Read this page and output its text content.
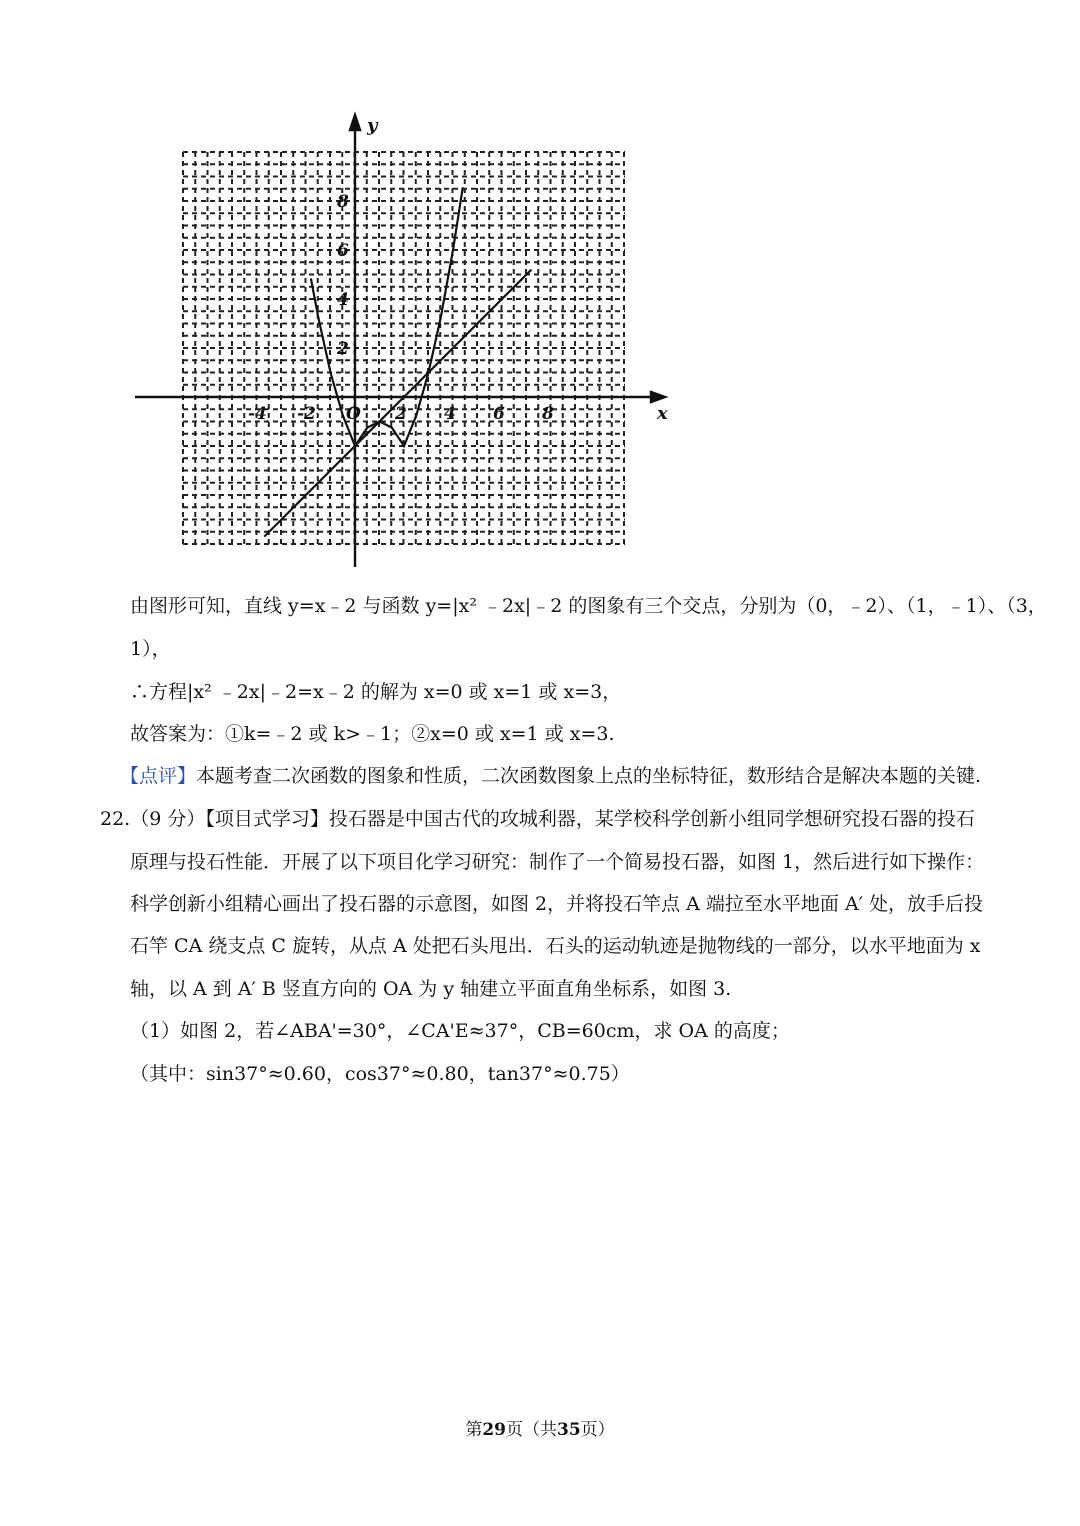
-4 -2 O 2 4 6 8
8
6
4
2
x
y

由图形可知，直线 y=x﹣2 与函数 y=|x² ﹣2x|﹣2 的图象有三个交点，分别为（0，﹣2）、（1，﹣1）、（3，

1），

∴方程|x² ﹣2x|﹣2=x﹣2 的解为 x=0 或 x=1 或 x=3，

故答案为：①k=﹣2 或 k>﹣1；②x=0 或 x=1 或 x=3.

【点评】本题考查二次函数的图象和性质，二次函数图象上点的坐标特征，数形结合是解决本题的关键.

22.（9 分）【项目式学习】投石器是中国古代的攻城利器，某学校科学创新小组同学想研究投石器的投石

原理与投石性能．开展了以下项目化学习研究：制作了一个简易投石器，如图 1，然后进行如下操作：

科学创新小组精心画出了投石器的示意图，如图 2，并将投石竿点 A 端拉至水平地面 A′ 处，放手后投

石竿 CA 绕支点 C 旋转，从点 A 处把石头甩出．石头的运动轨迹是抛物线的一部分，以水平地面为 x

轴，以 A 到 A′ B 竖直方向的 OA 为 y 轴建立平面直角坐标系，如图 3.

（1）如图 2，若∠ABA'=30°，∠CA'E≈37°，CB=60cm，求 OA 的高度；

（其中：sin37°≈0.60，cos37°≈0.80，tan37°≈0.75）

第29页（共35页）
